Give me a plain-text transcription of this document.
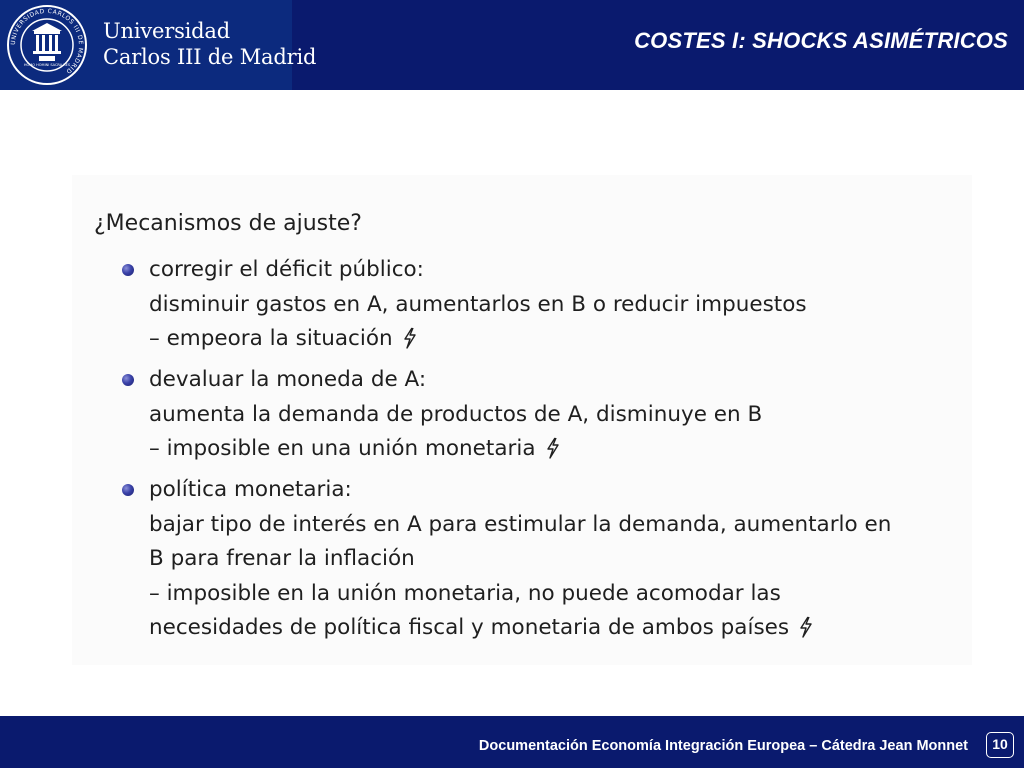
UNIVERSIDAD CARLOS III DE MADRID
HOMO HOMINI SACRA RES
Universidad
Carlos III de Madrid
COSTES I: SHOCKS ASIMÉTRICOS
¿Mecanismos de ajuste?
corregir el déficit público:
disminuir gastos en A, aumentarlos en B o reducir impuestos
– empeora la situación
devaluar la moneda de A:
aumenta la demanda de productos de A, disminuye en B
– imposible en una unión monetaria
política monetaria:
bajar tipo de interés en A para estimular la demanda, aumentarlo en
B para frenar la inflación
– imposible en la unión monetaria, no puede acomodar las
necesidades de política fiscal y monetaria de ambos países
Documentación Economía Integración Europea – Cátedra Jean Monnet	10
